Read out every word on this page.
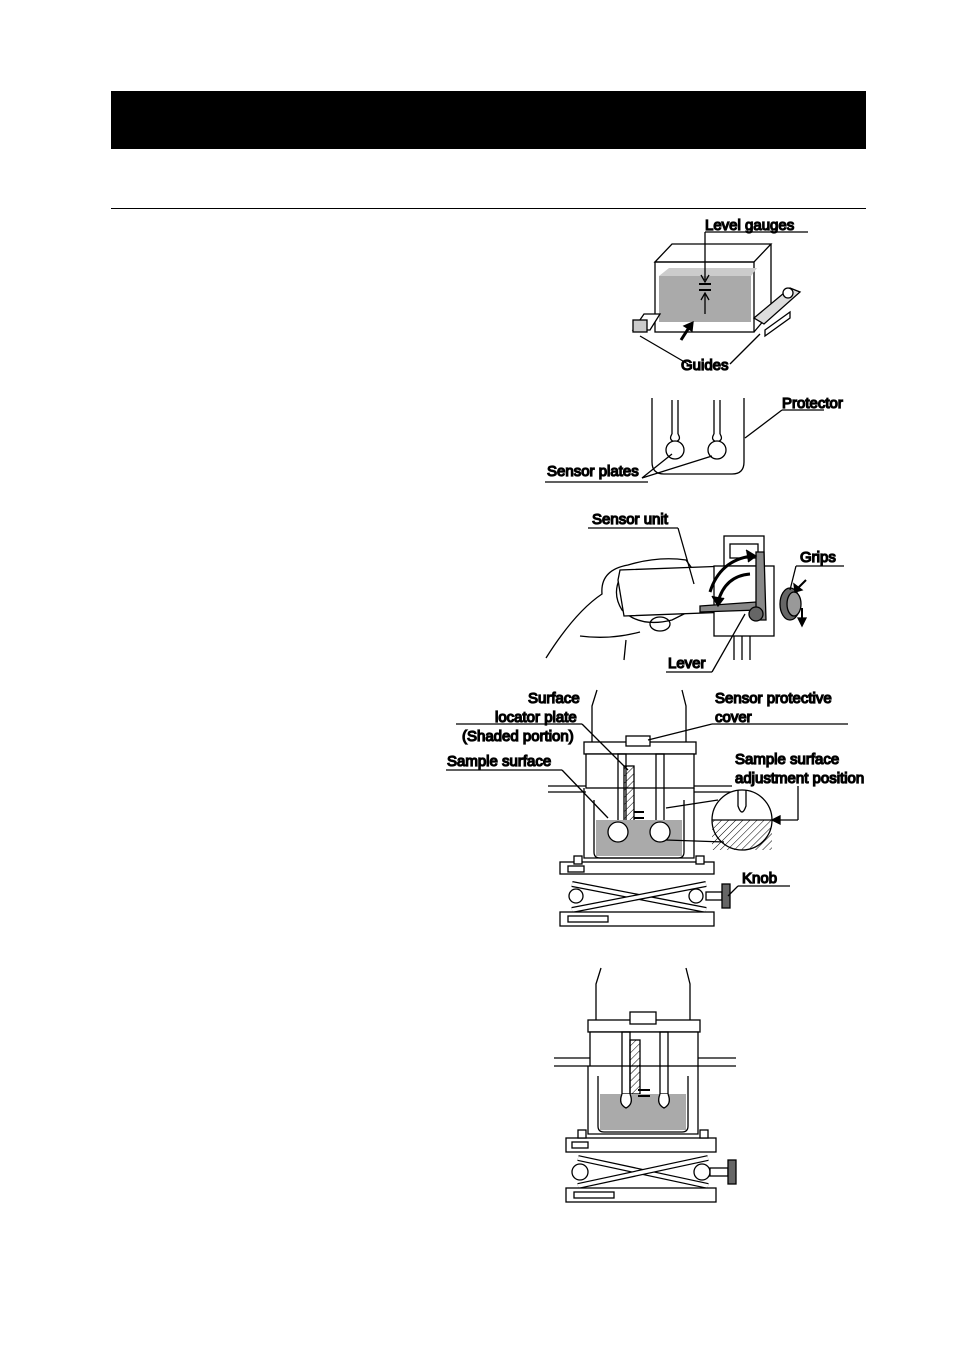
Level gauges
Guides
Protector
Sensor plates
Sensor unit
Grips
Lever
Surface
locator plate
(Shaded portion)
Sample surface
Sensor protective
cover
Sample surface
adjustment position
Knob
